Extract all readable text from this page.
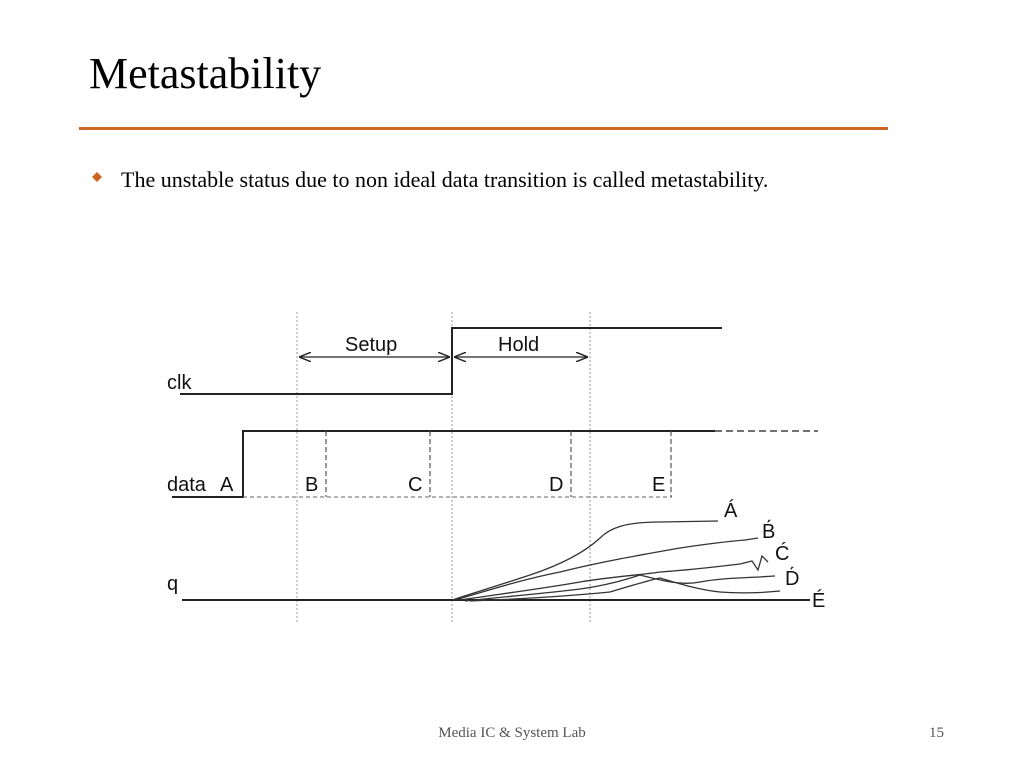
Metastability
The unstable status due to non ideal data transition is called metastability.
Setup	Hold
clk
data A	B	C	D	E
q
Á
B́
Ć
D́
É
Media IC & System Lab	15
